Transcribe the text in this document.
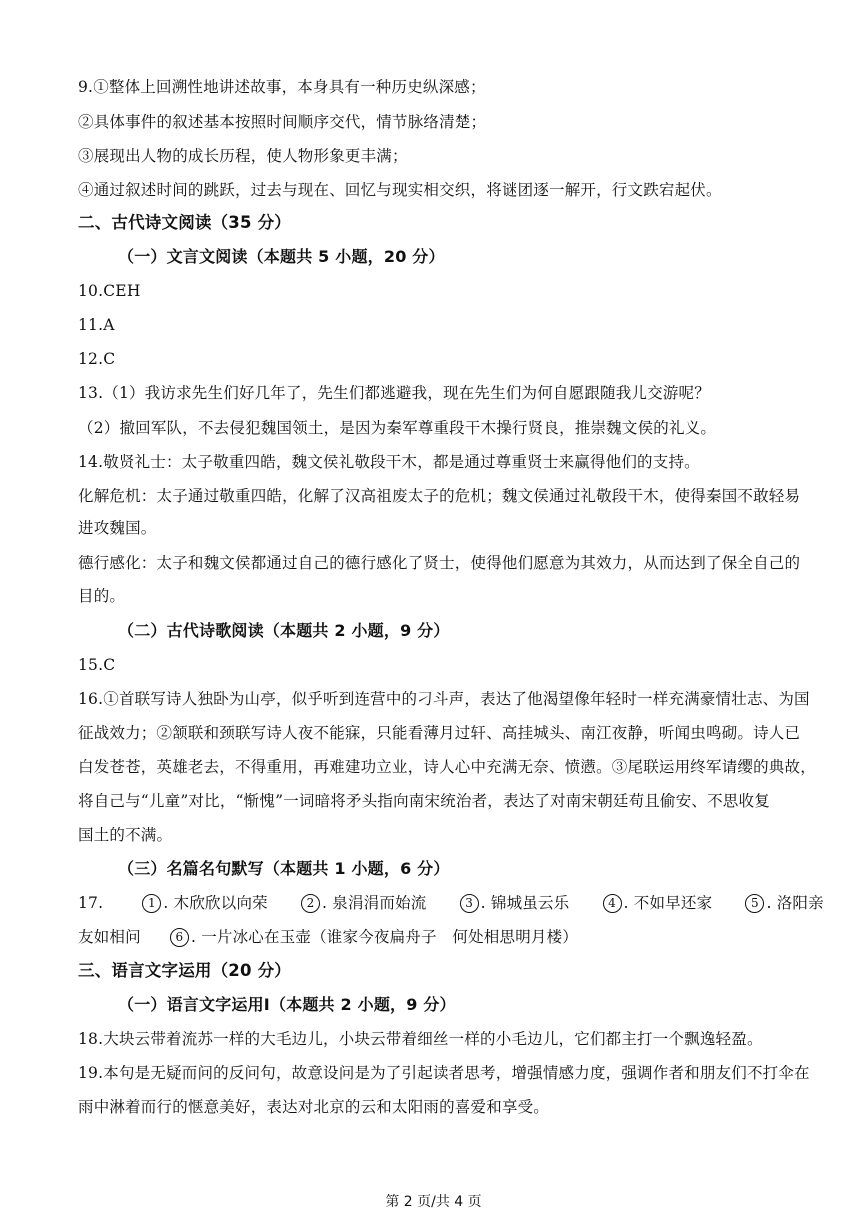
9.①整体上回溯性地讲述故事，本身具有一种历史纵深感；
②具体事件的叙述基本按照时间顺序交代，情节脉络清楚；
③展现出人物的成长历程，使人物形象更丰满；
④通过叙述时间的跳跃，过去与现在、回忆与现实相交织，将谜团逐一解开，行文跌宕起伏。
二、古代诗文阅读（35 分）
（一）文言文阅读（本题共 5 小题，20 分）
10.CEH
11.A
12.C
13.（1）我访求先生们好几年了，先生们都逃避我，现在先生们为何自愿跟随我儿交游呢？
（2）撤回军队，不去侵犯魏国领土，是因为秦军尊重段干木操行贤良，推崇魏文侯的礼义。
14.敬贤礼士：太子敬重四皓，魏文侯礼敬段干木，都是通过尊重贤士来赢得他们的支持。
化解危机：太子通过敬重四皓，化解了汉高祖废太子的危机；魏文侯通过礼敬段干木，使得秦国不敢轻易
进攻魏国。
德行感化：太子和魏文侯都通过自己的德行感化了贤士，使得他们愿意为其效力，从而达到了保全自己的
目的。
（二）古代诗歌阅读（本题共 2 小题，9 分）
15.C
16.①首联写诗人独卧为山亭，似乎听到连营中的刁斗声，表达了他渴望像年轻时一样充满豪情壮志、为国
征战效力；②颔联和颈联写诗人夜不能寐，只能看薄月过轩、高挂城头、南江夜静，听闻虫鸣砌。诗人已
白发苍苍，英雄老去，不得重用，再难建功立业，诗人心中充满无奈、愤懑。③尾联运用终军请缨的典故，
将自己与“儿童”对比，“惭愧”一词暗将矛头指向南宋统治者，表达了对南宋朝廷苟且偷安、不思收复
国土的不满。
（三）名篇名句默写（本题共 1 小题，6 分）
17.	1 . 木欣欣以向荣	2 . 泉涓涓而始流	3 . 锦城虽云乐	4 . 不如早还家	5 . 洛阳亲
友如相问	6 . 一片冰心在玉壶（谁家今夜扁舟子　何处相思明月楼）
三、语言文字运用（20 分）
（一）语言文字运用Ⅰ（本题共 2 小题，9 分）
18.大块云带着流苏一样的大毛边儿，小块云带着细丝一样的小毛边儿，它们都主打一个飘逸轻盈。
19.本句是无疑而问的反问句，故意设问是为了引起读者思考，增强情感力度，强调作者和朋友们不打伞在
雨中淋着而行的惬意美好，表达对北京的云和太阳雨的喜爱和享受。
第 2 页/共 4 页
